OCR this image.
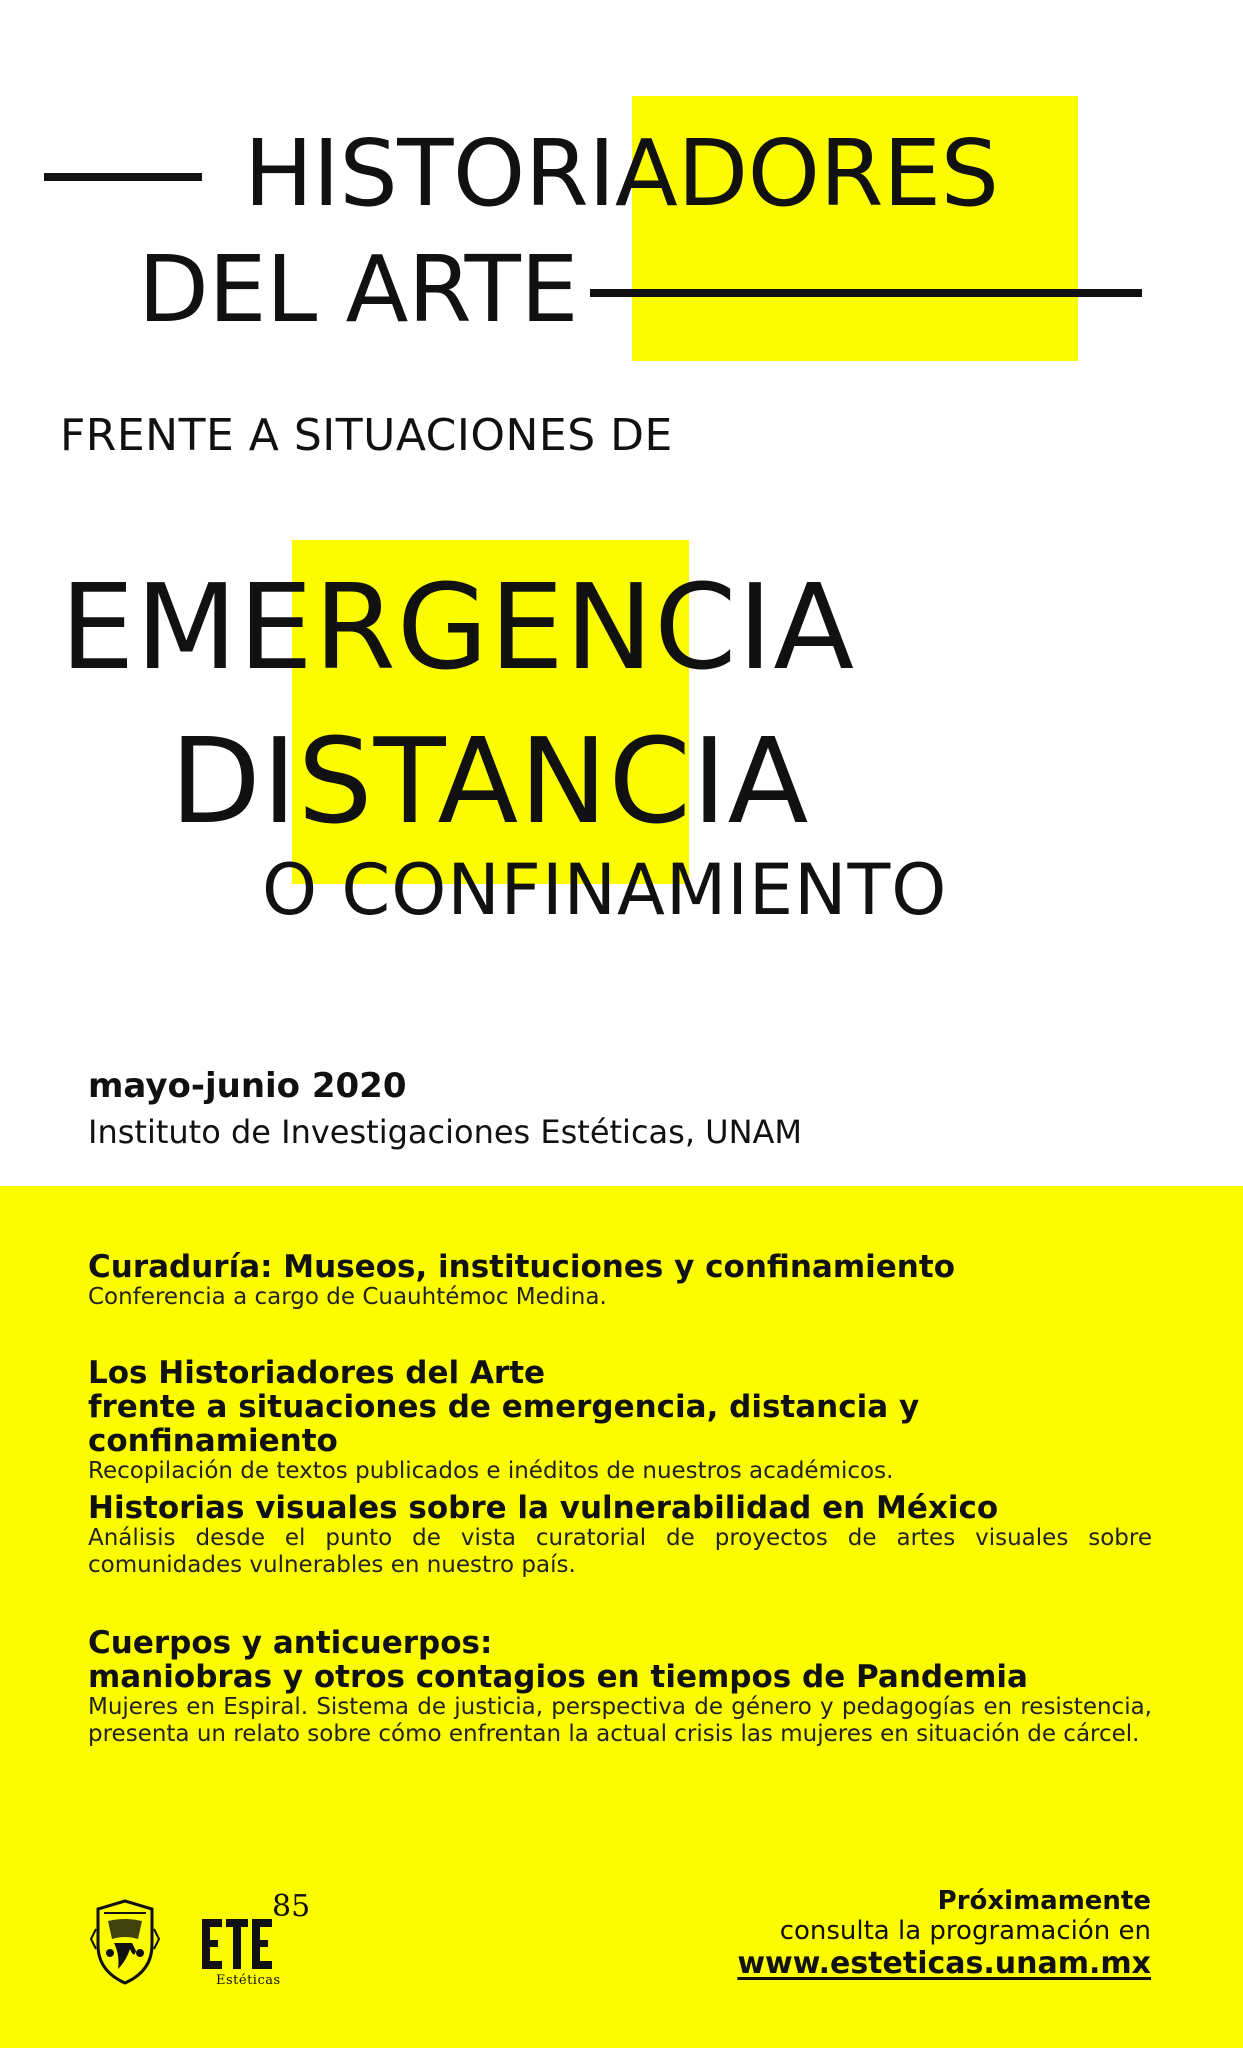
HISTORIADORES
DEL ARTE
FRENTE A SITUACIONES DE
EMERGENCIA
DISTANCIA
O CONFINAMIENTO
mayo-junio 2020
Instituto de Investigaciones Estéticas, UNAM
Curaduría: Museos, instituciones y confinamiento
Conferencia a cargo de Cuauhtémoc Medina.
Los Historiadores del Arte
frente a situaciones de emergencia, distancia y confinamiento
Recopilación de textos publicados e inéditos de nuestros académicos.
Historias visuales sobre la vulnerabilidad en México
Análisis desde el punto de vista curatorial de proyectos de artes visuales sobre comunidades vulnerables en nuestro país.
Cuerpos y anticuerpos:
maniobras y otros contagios en tiempos de Pandemia
Mujeres en Espiral. Sistema de justicia, perspectiva de género y pedagogías en resistencia, presenta un relato sobre cómo enfrentan la actual crisis las mujeres en situación de cárcel.
85
Estéticas
Próximamente
consulta la programación en
www.esteticas.unam.mx
